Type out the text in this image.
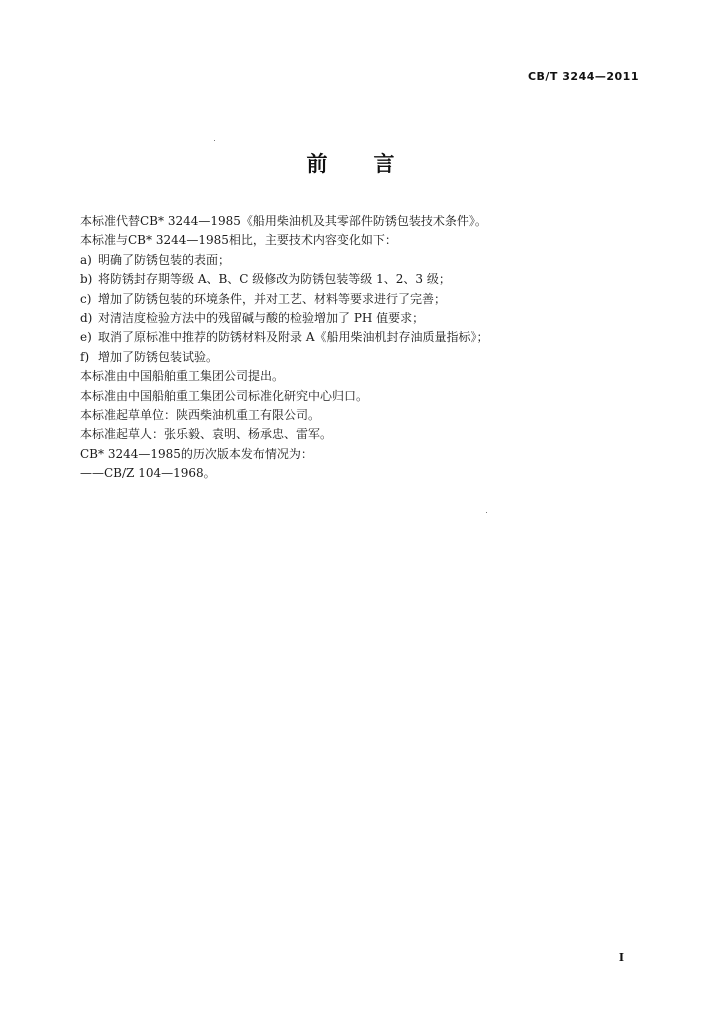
CB/T 3244—2011
前 言
本标准代替CB* 3244—1985《船用柴油机及其零部件防锈包装技术条件》。
本标准与CB* 3244—1985相比，主要技术内容变化如下：
a) 明确了防锈包装的表面；
b) 将防锈封存期等级 A、B、C 级修改为防锈包装等级 1、2、3 级；
c) 增加了防锈包装的环境条件，并对工艺、材料等要求进行了完善；
d) 对清洁度检验方法中的残留碱与酸的检验增加了 PH 值要求；
e) 取消了原标准中推荐的防锈材料及附录 A《船用柴油机封存油质量指标》；
f) 增加了防锈包装试验。
本标准由中国船舶重工集团公司提出。
本标准由中国船舶重工集团公司标准化研究中心归口。
本标准起草单位：陕西柴油机重工有限公司。
本标准起草人：张乐毅、袁明、杨承忠、雷军。
CB* 3244—1985的历次版本发布情况为：
——CB/Z 104—1968。
I
